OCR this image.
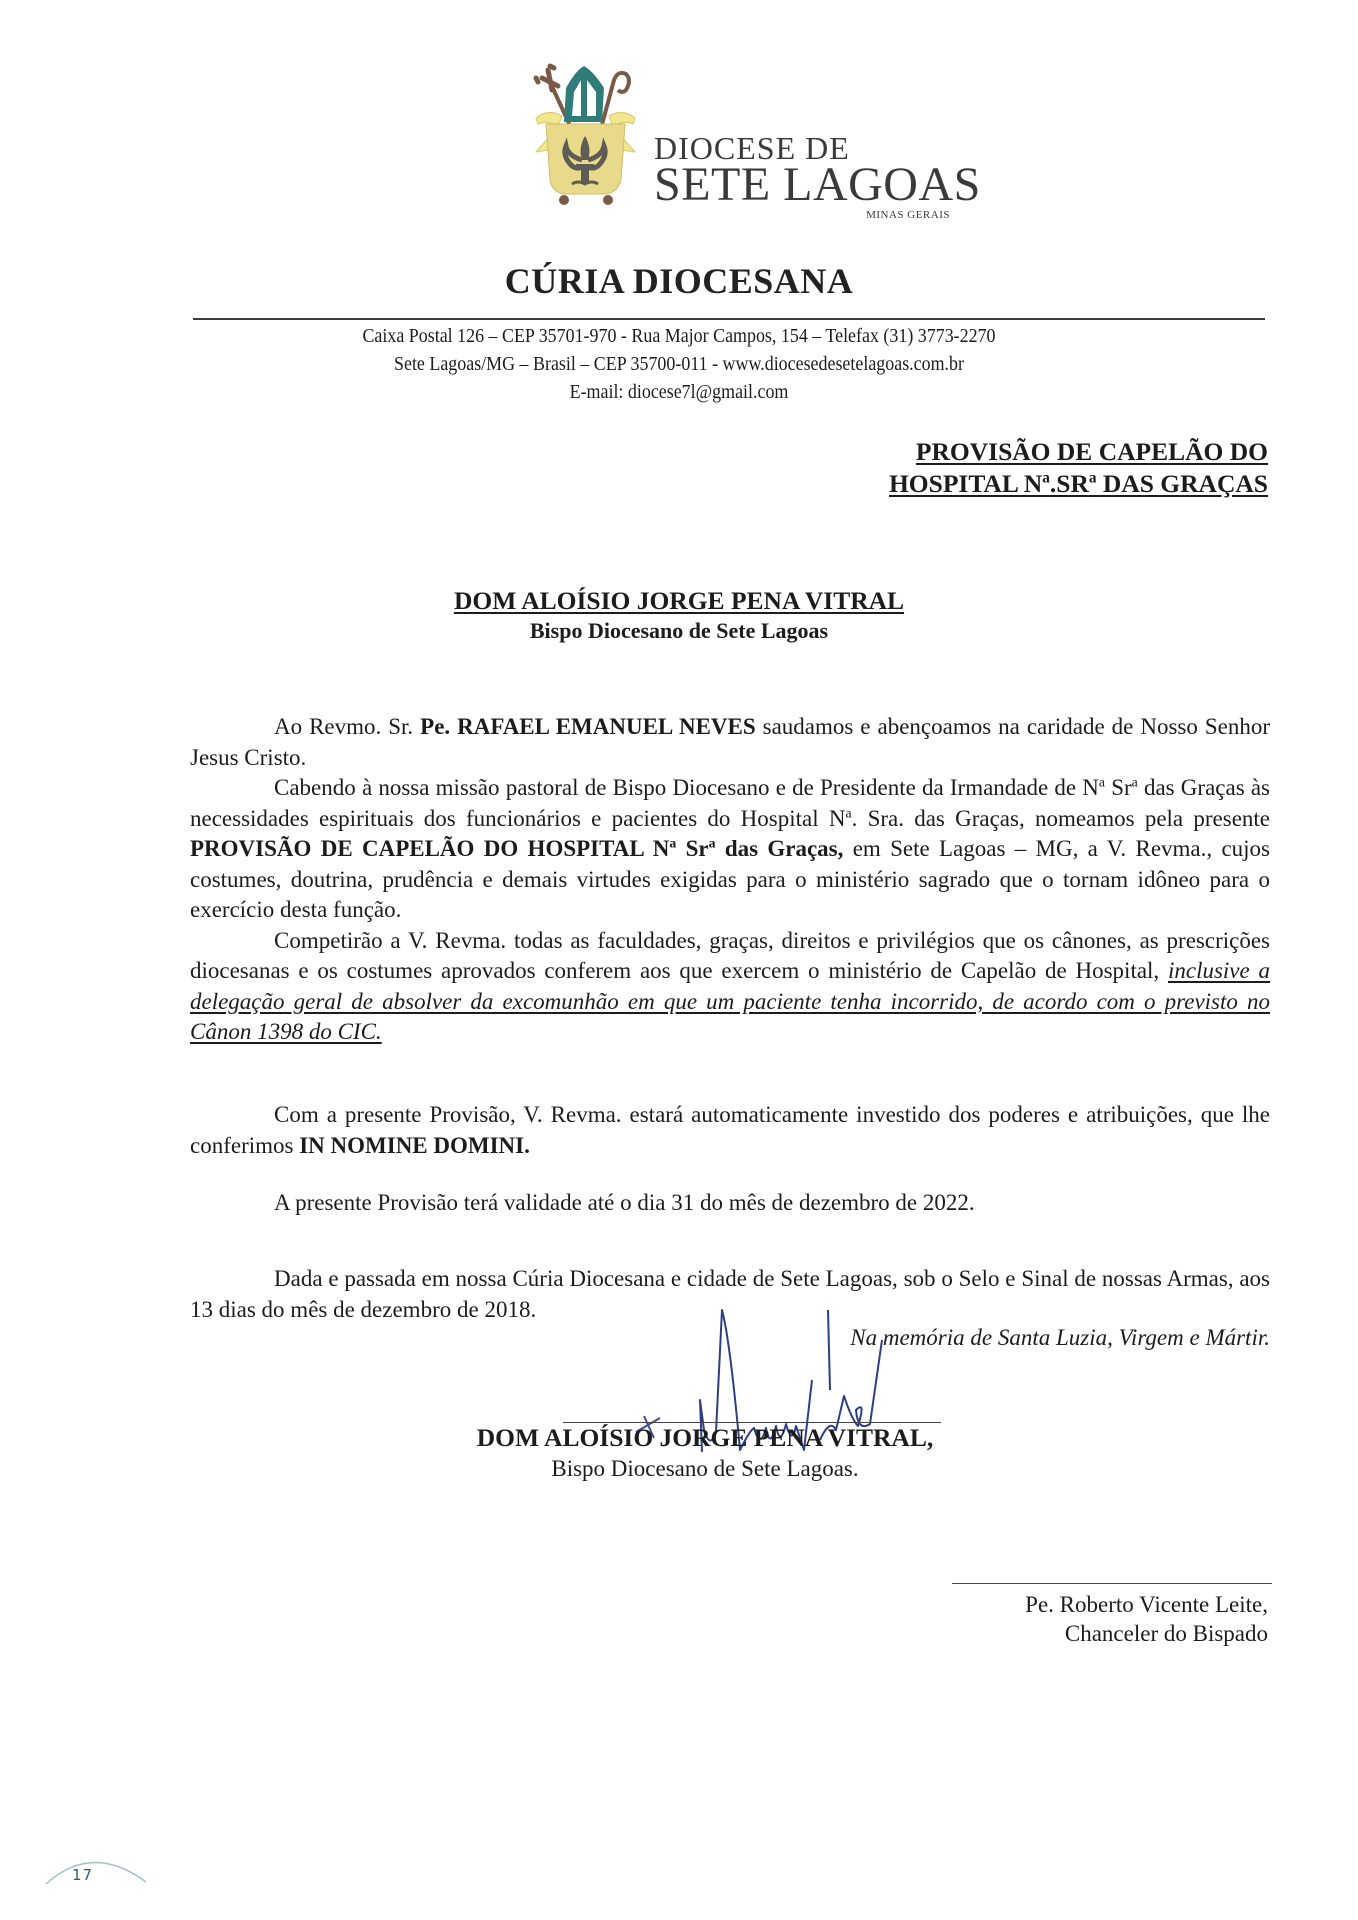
DIOCESE DE
SETE LAGOAS
MINAS GERAIS
CÚRIA DIOCESANA
Caixa Postal 126 – CEP 35701-970 - Rua Major Campos, 154 – Telefax (31) 3773-2270
Sete Lagoas/MG – Brasil – CEP 35700-011 - www.diocesedesetelagoas.com.br
E-mail: diocese7l@gmail.com
PROVISÃO DE CAPELÃO DO
HOSPITAL $N^a.SR^a$ DAS GRAÇAS
DOM ALOÍSIO JORGE PENA VITRAL
Bispo Diocesano de Sete Lagoas

Ao Revmo. Sr. Pe. RAFAEL EMANUEL NEVES saudamos e abençoamos na caridade de Nosso Senhor Jesus Cristo.

Cabendo à nossa missão pastoral de Bispo Diocesano e de Presidente da Irmandade de $N^a$ Sr$^a$ das Graças às necessidades espirituais dos funcionários e pacientes do Hospital $N^a$. Sra. das Graças, nomeamos pela presente PROVISÃO DE CAPELÃO DO HOSPITAL $N^a$ Sr$^a$ das Graças, em Sete Lagoas – MG, a V. Revma., cujos costumes, doutrina, prudência e demais virtudes exigidas para o ministério sagrado que o tornam idôneo para o exercício desta função.

Competirão a V. Revma. todas as faculdades, graças, direitos e privilégios que os cânones, as prescrições diocesanas e os costumes aprovados conferem aos que exercem o ministério de Capelão de Hospital, inclusive a delegação geral de absolver da excomunhão em que um paciente tenha incorrido, de acordo com o previsto no Cânon 1398 do CIC.

Com a presente Provisão, V. Revma. estará automaticamente investido dos poderes e atribuições, que lhe conferimos IN NOMINE DOMINI.

A presente Provisão terá validade até o dia 31 do mês de dezembro de 2022.

Dada e passada em nossa Cúria Diocesana e cidade de Sete Lagoas, sob o Selo e Sinal de nossas Armas, aos 13 dias do mês de dezembro de 2018.

Na memória de Santa Luzia, Virgem e Mártir.
DOM ALOÍSIO JORGE PENA VITRAL,
Bispo Diocesano de Sete Lagoas.
Pe. Roberto Vicente Leite,
Chanceler do Bispado
17
